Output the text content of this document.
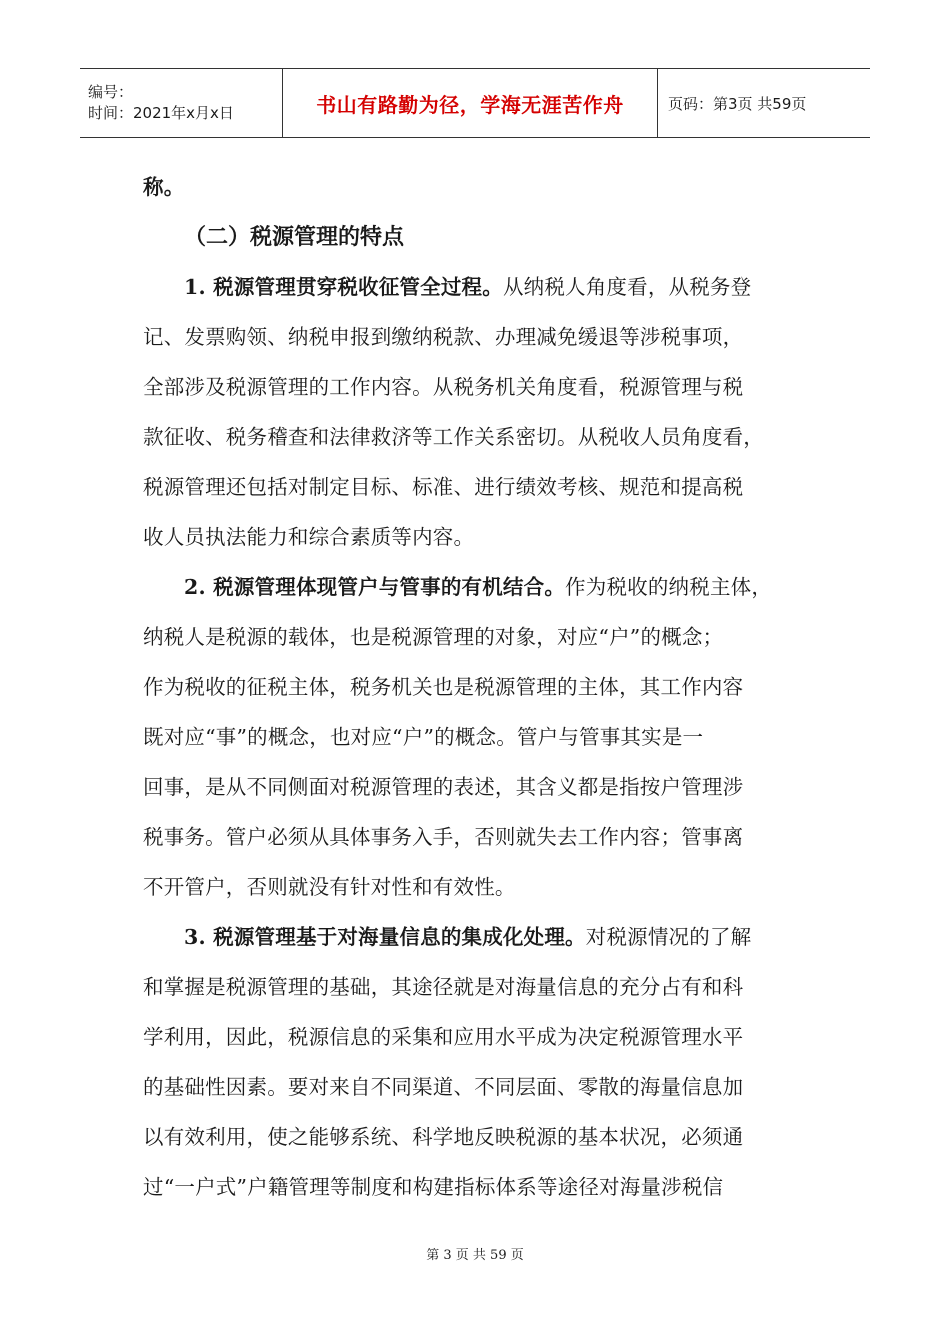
编号：
时间：2021年x月x日	书山有路勤为径，学海无涯苦作舟	页码：第3页 共59页
称。
（二）税源管理的特点
1. 税源管理贯穿税收征管全过程。从纳税人角度看，从税务登
记、发票购领、纳税申报到缴纳税款、办理减免缓退等涉税事项，
全部涉及税源管理的工作内容。从税务机关角度看，税源管理与税
款征收、税务稽查和法律救济等工作关系密切。从税收人员角度看，
税源管理还包括对制定目标、标准、进行绩效考核、规范和提高税
收人员执法能力和综合素质等内容。
2. 税源管理体现管户与管事的有机结合。作为税收的纳税主体，
纳税人是税源的载体，也是税源管理的对象，对应“户”的概念；
作为税收的征税主体，税务机关也是税源管理的主体，其工作内容
既对应“事”的概念，也对应“户”的概念。管户与管事其实是一
回事，是从不同侧面对税源管理的表述，其含义都是指按户管理涉
税事务。管户必须从具体事务入手，否则就失去工作内容；管事离
不开管户，否则就没有针对性和有效性。
3. 税源管理基于对海量信息的集成化处理。对税源情况的了解
和掌握是税源管理的基础，其途径就是对海量信息的充分占有和科
学利用，因此，税源信息的采集和应用水平成为决定税源管理水平
的基础性因素。要对来自不同渠道、不同层面、零散的海量信息加
以有效利用，使之能够系统、科学地反映税源的基本状况，必须通
过“一户式”户籍管理等制度和构建指标体系等途径对海量涉税信
第 3 页 共 59 页
